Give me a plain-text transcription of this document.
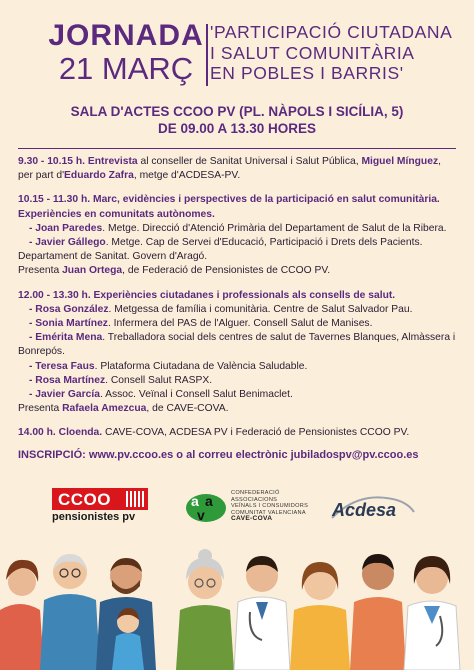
JORNADA
21 MARÇ
'PARTICIPACIÓ CIUTADANA
I SALUT COMUNITÀRIA
EN POBLES I BARRIS'
SALA D'ACTES CCOO PV (PL. NÀPOLS I SICÍLIA, 5)
DE 09.00 A 13.30 HORES

9.30 - 10.15 h. Entrevista al conseller de Sanitat Universal i Salut Pública, Miguel Mínguez, per part d'Eduardo Zafra, metge d'ACDESA-PV.

10.15 - 11.30 h. Marc, evidències i perspectives de la participació en salut comunitària. Experiències en comunitats autònomes.
- Joan Paredes. Metge. Direcció d'Atenció Primària del Departament de Salut de la Ribera.
- Javier Gállego. Metge. Cap de Servei d'Educació, Participació i Drets dels Pacients. Departament de Sanitat. Govern d'Aragó.
Presenta Juan Ortega, de Federació de Pensionistes de CCOO PV.

12.00 - 13.30 h. Experiències ciutadanes i professionals als consells de salut.
- Rosa González. Metgessa de família i comunitària. Centre de Salut Salvador Pau.
- Sonia Martínez. Infermera del PAS de l'Alguer. Consell Salut de Manises.
- Emérita Mena. Treballadora social dels centres de salut de Tavernes Blanques, Almàssera i Bonrepós.
- Teresa Faus. Plataforma Ciutadana de València Saludable.
- Rosa Martínez. Consell Salut RASPX.
- Javier García. Assoc. Veïnal i Consell Salut Benimaclet.
Presenta Rafaela Amezcua, de CAVE-COVA.

14.00 h. Cloenda. CAVE-COVA, ACDESA PV i Federació de Pensionistes CCOO PV.

INSCRIPCIÓ: www.pv.ccoo.es o al correu electrònic jubiladospv@pv.ccoo.es
CCOO
pensionistes pv
a a
v
CONFEDERACIÓ
ASSOCIACIONS
VEÏNALS I CONSUMIDORS
COMUNITAT VALENCIANA
CAVE-COVA	Acdesa
